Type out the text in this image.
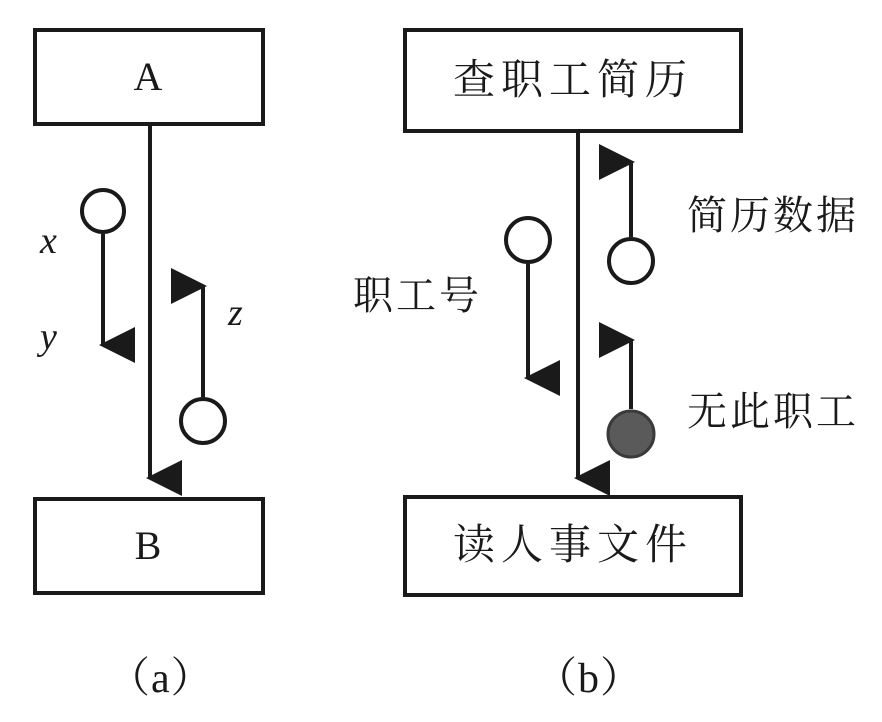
A
B
x
y
z
查职工简历
读人事文件
职工号
简历数据
无此职工
（a）	（b）
